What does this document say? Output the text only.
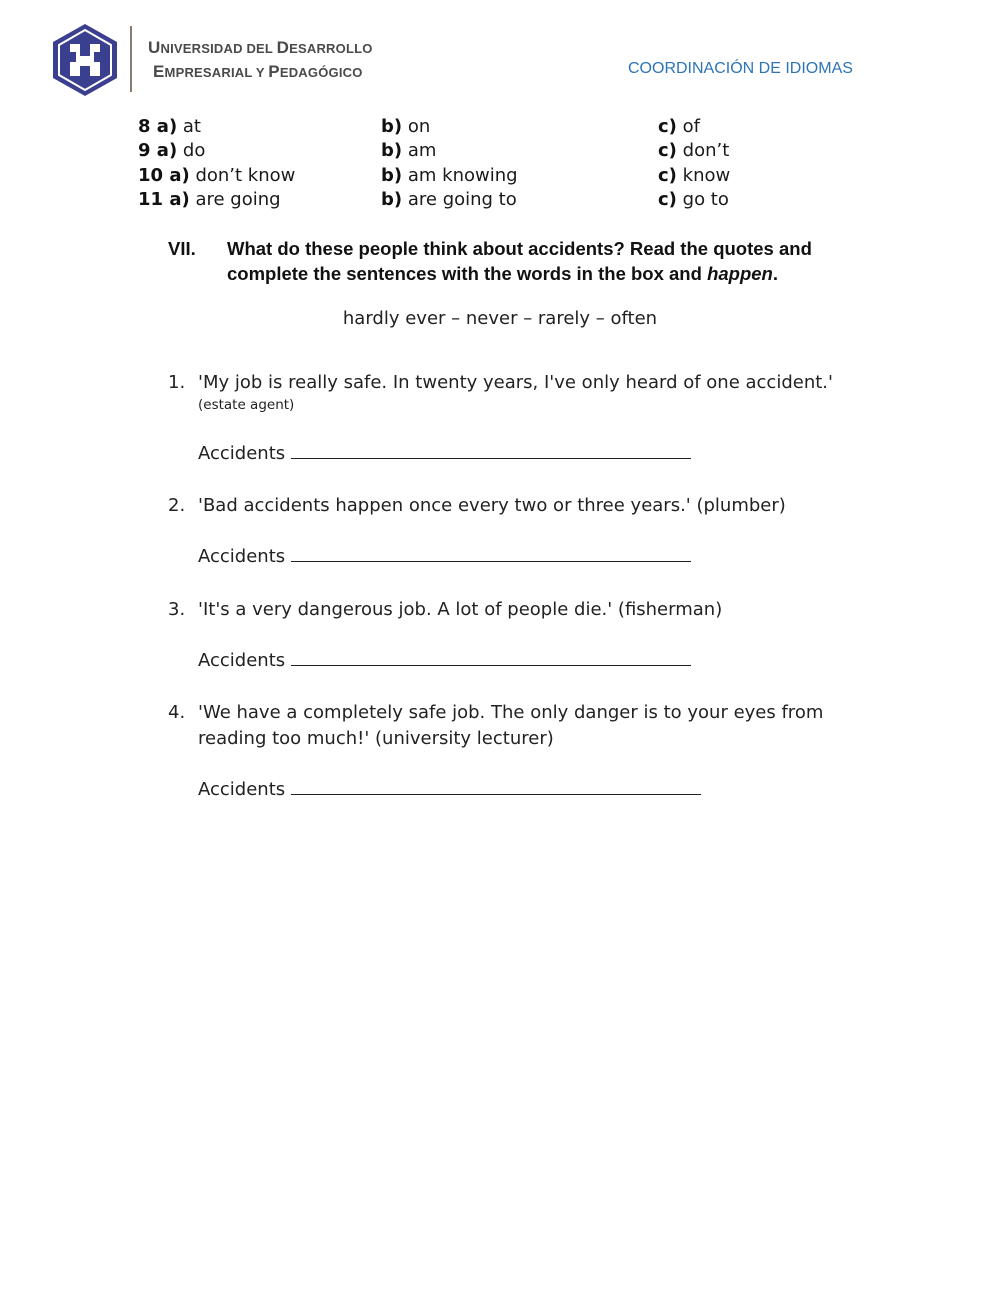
UNIVERSIDAD DEL DESARROLLO
EMPRESARIAL Y PEDAGÓGICO	COORDINACIÓN DE IDIOMAS
8 a) at	b) on	c) of
9 a) do	b) am	c) don’t
10 a) don’t know	b) am knowing	c) know
11 a) are going	b) are going to	c) go to
VII. What do these people think about accidents? Read the quotes and complete the sentences with the words in the box and happen.
hardly ever – never – rarely – often
1. 'My job is really safe. In twenty years, I've only heard of one accident.'
(estate agent)
Accidents
2. 'Bad accidents happen once every two or three years.' (plumber)
Accidents
3. 'It's a very dangerous job. A lot of people die.' (fisherman)
Accidents
4. 'We have a completely safe job. The only danger is to your eyes from reading too much!' (university lecturer)
Accidents
